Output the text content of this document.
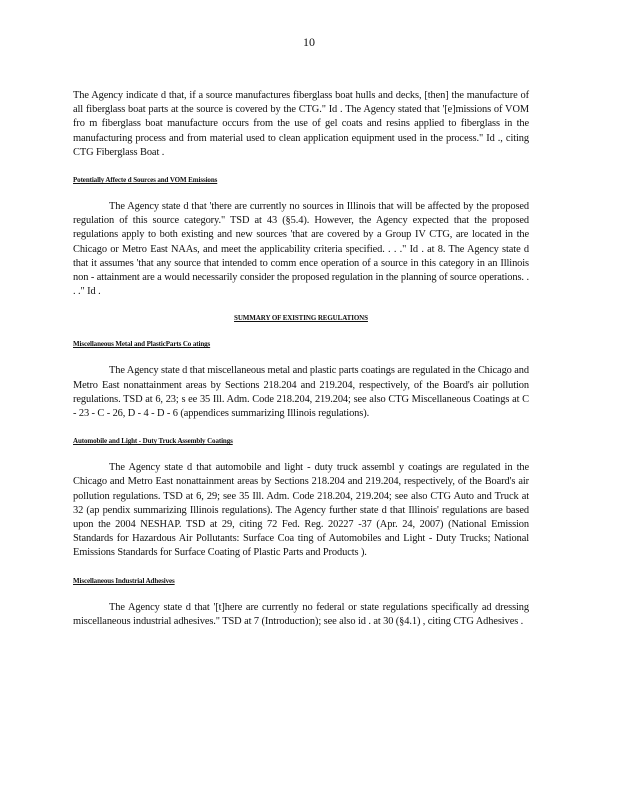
10

The Agency indicate d that, if a source manufactures fiberglass boat hulls and decks, [then] the manufacture of all fiberglass boat parts at the source is covered by the CTG." Id . The Agency stated that '[e]missions of VOM fro m fiberglass boat manufacture occurs from the use of gel coats and resins applied to fiberglass in the manufacturing process and from material used to clean application equipment used in the process." Id ., citing CTG Fiberglass Boat .

Potentially Affecte d Sources and VOM Emissions

The Agency state d that 'there are currently no sources in Illinois that will be affected by the proposed regulation of this source category." TSD at 43 (§5.4). However, the Agency expected that the proposed regulations apply to both existing and new sources 'that are covered by a Group IV CTG, are located in the Chicago or Metro East NAAs, and meet the applicability criteria specified. . . ." Id . at 8. The Agency state d that it assumes 'that any source that intended to comm ence operation of a source in this category in an Illinois non - attainment are a would necessarily consider the proposed regulation in the planning of source operations. . . ." Id .

SUMMARY OF EXISTING REGULATIONS
Miscellaneous Metal and PlasticParts Co atings

The Agency state d that miscellaneous metal and plastic parts coatings are regulated in the Chicago and Metro East nonattainment areas by Sections 218.204 and 219.204, respectively, of the Board's air pollution regulations. TSD at 6, 23; s ee 35 Ill. Adm. Code 218.204, 219.204; see also CTG Miscellaneous Coatings at C - 23 - C - 26, D - 4 - D - 6 (appendices summarizing Illinois regulations).

Automobile and Light - Duty Truck Assembly Coatings

The Agency state d that automobile and light - duty truck assembl y coatings are regulated in the Chicago and Metro East nonattainment areas by Sections 218.204 and 219.204, respectively, of the Board's air pollution regulations. TSD at 6, 29; see 35 Ill. Adm. Code 218.204, 219.204; see also CTG Auto and Truck at 32 (ap pendix summarizing Illinois regulations). The Agency further state d that Illinois' regulations are based upon the 2004 NESHAP. TSD at 29, citing 72 Fed. Reg. 20227 -37 (Apr. 24, 2007) (National Emission Standards for Hazardous Air Pollutants: Surface Coa ting of Automobiles and Light - Duty Trucks; National Emissions Standards for Surface Coating of Plastic Parts and Products ).

Miscellaneous Industrial Adhesives

The Agency state d that '[t]here are currently no federal or state regulations specifically ad dressing miscellaneous industrial adhesives." TSD at 7 (Introduction); see also id . at 30 (§4.1) , citing CTG Adhesives .
